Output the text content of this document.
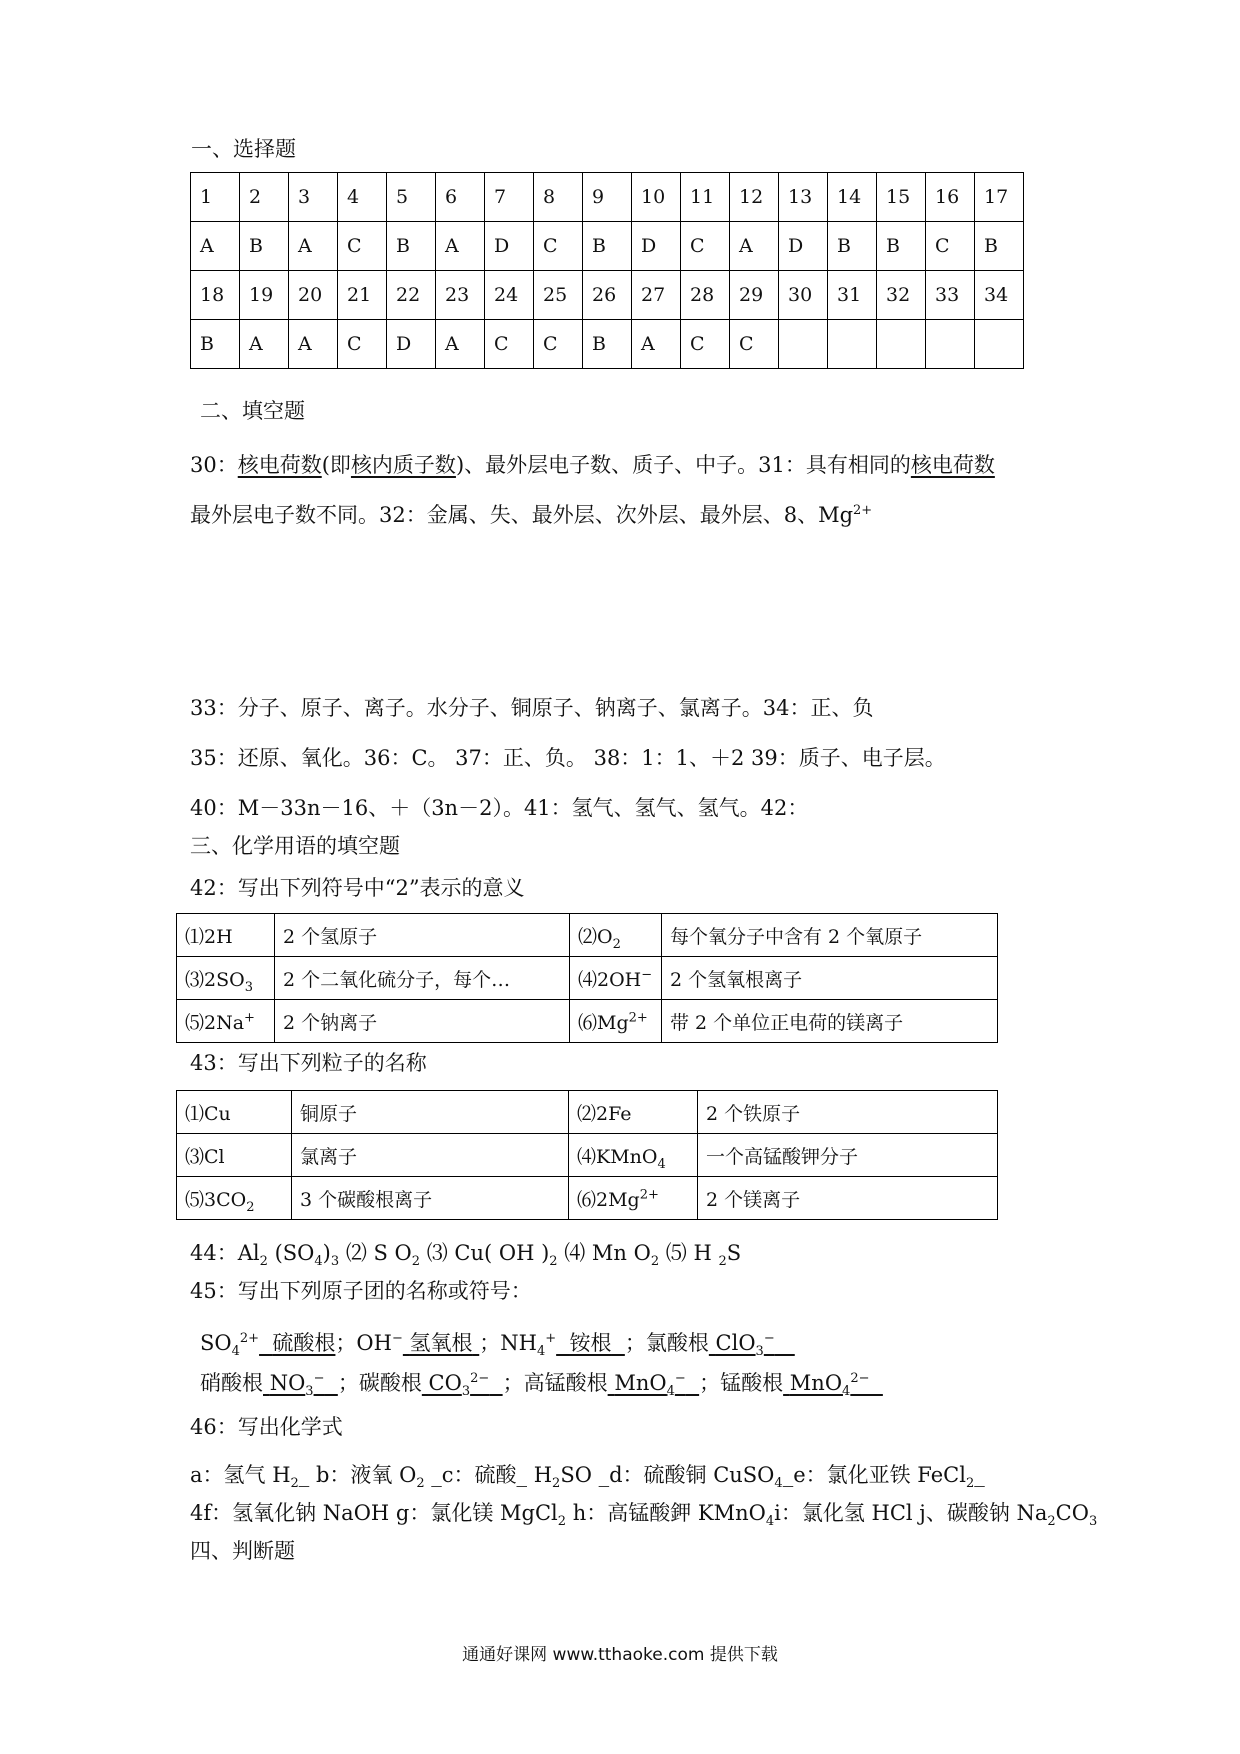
一、选择题
1	2	3	4	5	6	7	8	9	10	11	12	13	14	15	16	17
A	B	A	C	B	A	D	C	B	D	C	A	D	B	B	C	B
18	19	20	21	22	23	24	25	26	27	28	29	30	31	32	33	34
B	A	A	C	D	A	C	C	B	A	C	C					
二、填空题
30：核电荷数(即核内质子数)、最外层电子数、质子、中子。31：具有相同的核电荷数
最外层电子数不同。32：金属、失、最外层、次外层、最外层、8、$Mg^{2+}$
33：分子、原子、离子。水分子、铜原子、钠离子、氯离子。34：正、负
35：还原、氧化。36：C。 37：正、负。 38：1：1、＋2 39：质子、电子层。
40：M－33n－16、＋（3n－2）。41：氢气、氢气、氢气。42：
三、化学用语的填空题
42：写出下列符号中“2”表示的意义
⑴2H	2 个氢原子	$⑵O_2$	每个氧分子中含有 2 个氧原子
$⑶2SO_3$	2 个二氧化硫分子，每个…	⑷2OH−	2 个氢氧根离子
⑸2Na+	2 个钠离子	$⑹Mg^{2+}$	带 2 个单位正电荷的镁离子
43：写出下列粒子的名称
⑴Cu	铜原子	⑵2Fe	2 个铁原子
⑶Cl	氯离子	⑷KMnO$_4$	一个高锰酸钾分子
$⑸3CO_2$	3 个碳酸根离子	$⑹2Mg^{2+}$	2 个镁离子
44：$Al_2$ $(SO_4)_3$ ⑵ S $O_2$ ⑶ Cu( OH )$_2$ ⑷ Mn $O_2$ ⑸ H $_2$S
45：写出下列原子团的名称或符号：
$SO_4^{2+}$ 硫酸根；OH− 氢氧根 ；$NH_4^+$ 铵根 ；氯酸根 ClO$_3$−
硝酸根 $NO_3^-$ ；碳酸根 $CO_3^{2-}$ ；高锰酸根 MnO$_4$− ；锰酸根 MnO$_4^{2-}$
46：写出化学式
a：氢气 $H_2\_$ b：液氧 $O_2$ _c：硫酸_ $H_2SO$ _d：硫酸铜 CuSO$_4$_e：氯化亚铁 FeCl$_2$_
4f：氢氧化钠 NaOH g：氯化镁 MgCl$_2$ h：高锰酸鉀 KMnO$_4$i：氯化氢 HCl j、碳酸钠 $Na_2CO_3$
四、判断题
通通好课网 www.tthaoke.com 提供下载
